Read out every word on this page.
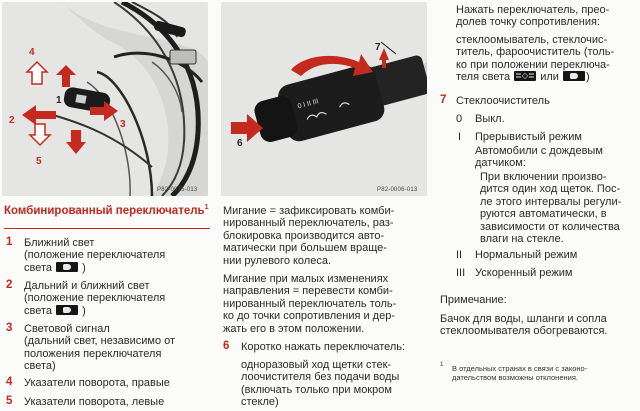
4
1
2	3
5
P82-0075-013
0 I II III
7
6
P82-0006-013
Комбинированный переключатель$^1$
1 Ближний свет
(положение переключателя
света	)
2 Дальний и ближний свет
(положение переключателя
света	)
3 Световой сигнал
(дальний свет, независимо от
положения переключателя
света)
4 Указатели поворота, правые
5 Указатели поворота, левые
Мигание = зафиксировать комби-
нированный переключатель, раз-
блокировка производится авто-
матически при большем враще-
нии рулевого колеса.
Мигание при малых изменениях
направления = перевести комби-
нированный переключатель толь-
ко до точки сопротивления и дер-
жать его в этом положении.
6 Коротко нажать переключатель:
одноразовый ход щетки стек-
лоочистителя без подачи воды
(включать только при мокром
стекле)
Нажать переключатель, прео-
долев точку сопротивления:
стеклоомыватель, стеклочис-
титель, фароочиститель (толь-
ко при положении переключа-
теля света ≣◇≣	или )
7 Стеклоочиститель
0 Выкл.
I Прерывистый режим
Автомобили с дождевым
датчиком:
При включении произво-
дится один ход щеток. Пос-
ле этого интервалы регули-
руются автоматически, в
зависимости от количества
влаги на стекле.
II Нормальный режим
III Ускоренный режим
Примечание:
Бачок для воды, шланги и сопла
стеклоомывателя обогреваются.
1 В отдельных странах в связи с законо-
дательством возможны отклонения.
